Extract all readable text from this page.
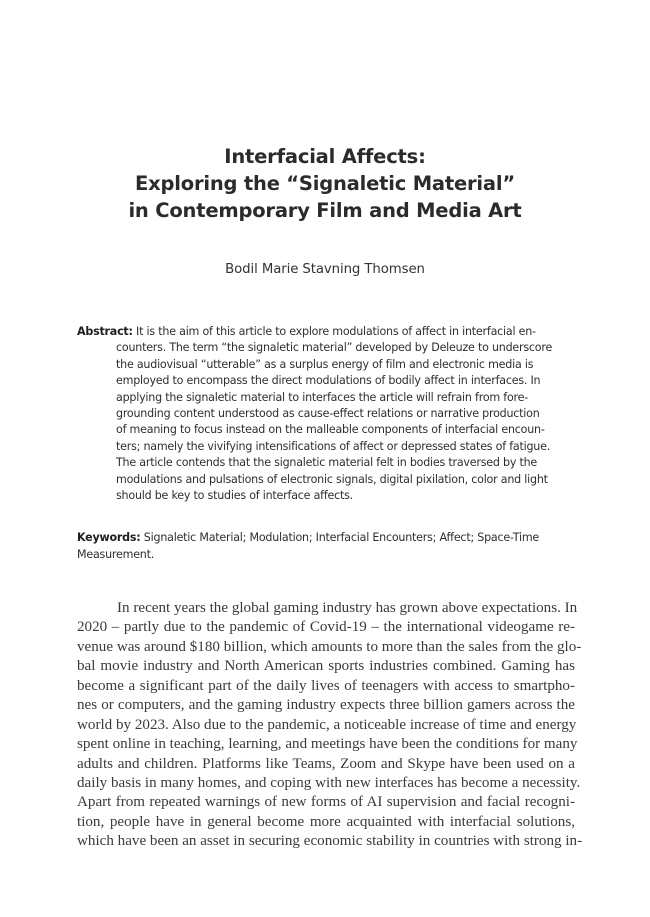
Interfacial Affects:
Exploring the “Signaletic Material”
in Contemporary Film and Media Art
Bodil Marie Stavning Thomsen
Abstract: It is the aim of this article to explore modulations of affect in interfacial en-
counters. The term “the signaletic material” developed by Deleuze to underscore
the audiovisual “utterable” as a surplus energy of film and electronic media is
employed to encompass the direct modulations of bodily affect in interfaces. In
applying the signaletic material to interfaces the article will refrain from fore-
grounding content understood as cause-effect relations or narrative production
of meaning to focus instead on the malleable components of interfacial encoun-
ters; namely the vivifying intensifications of affect or depressed states of fatigue.
The article contends that the signaletic material felt in bodies traversed by the
modulations and pulsations of electronic signals, digital pixilation, color and light
should be key to studies of interface affects.
Keywords: Signaletic Material; Modulation; Interfacial Encounters; Affect; Space-Time
Measurement.
In recent years the global gaming industry has grown above expectations. In
2020 – partly due to the pandemic of Covid-19 – the international videogame re-
venue was around $180 billion, which amounts to more than the sales from the glo-
bal movie industry and North American sports industries combined. Gaming has
become a significant part of the daily lives of teenagers with access to smartpho-
nes or computers, and the gaming industry expects three billion gamers across the
world by 2023. Also due to the pandemic, a noticeable increase of time and energy
spent online in teaching, learning, and meetings have been the conditions for many
adults and children. Platforms like Teams, Zoom and Skype have been used on a
daily basis in many homes, and coping with new interfaces has become a necessity.
Apart from repeated warnings of new forms of AI supervision and facial recogni-
tion, people have in general become more acquainted with interfacial solutions,
which have been an asset in securing economic stability in countries with strong in-
